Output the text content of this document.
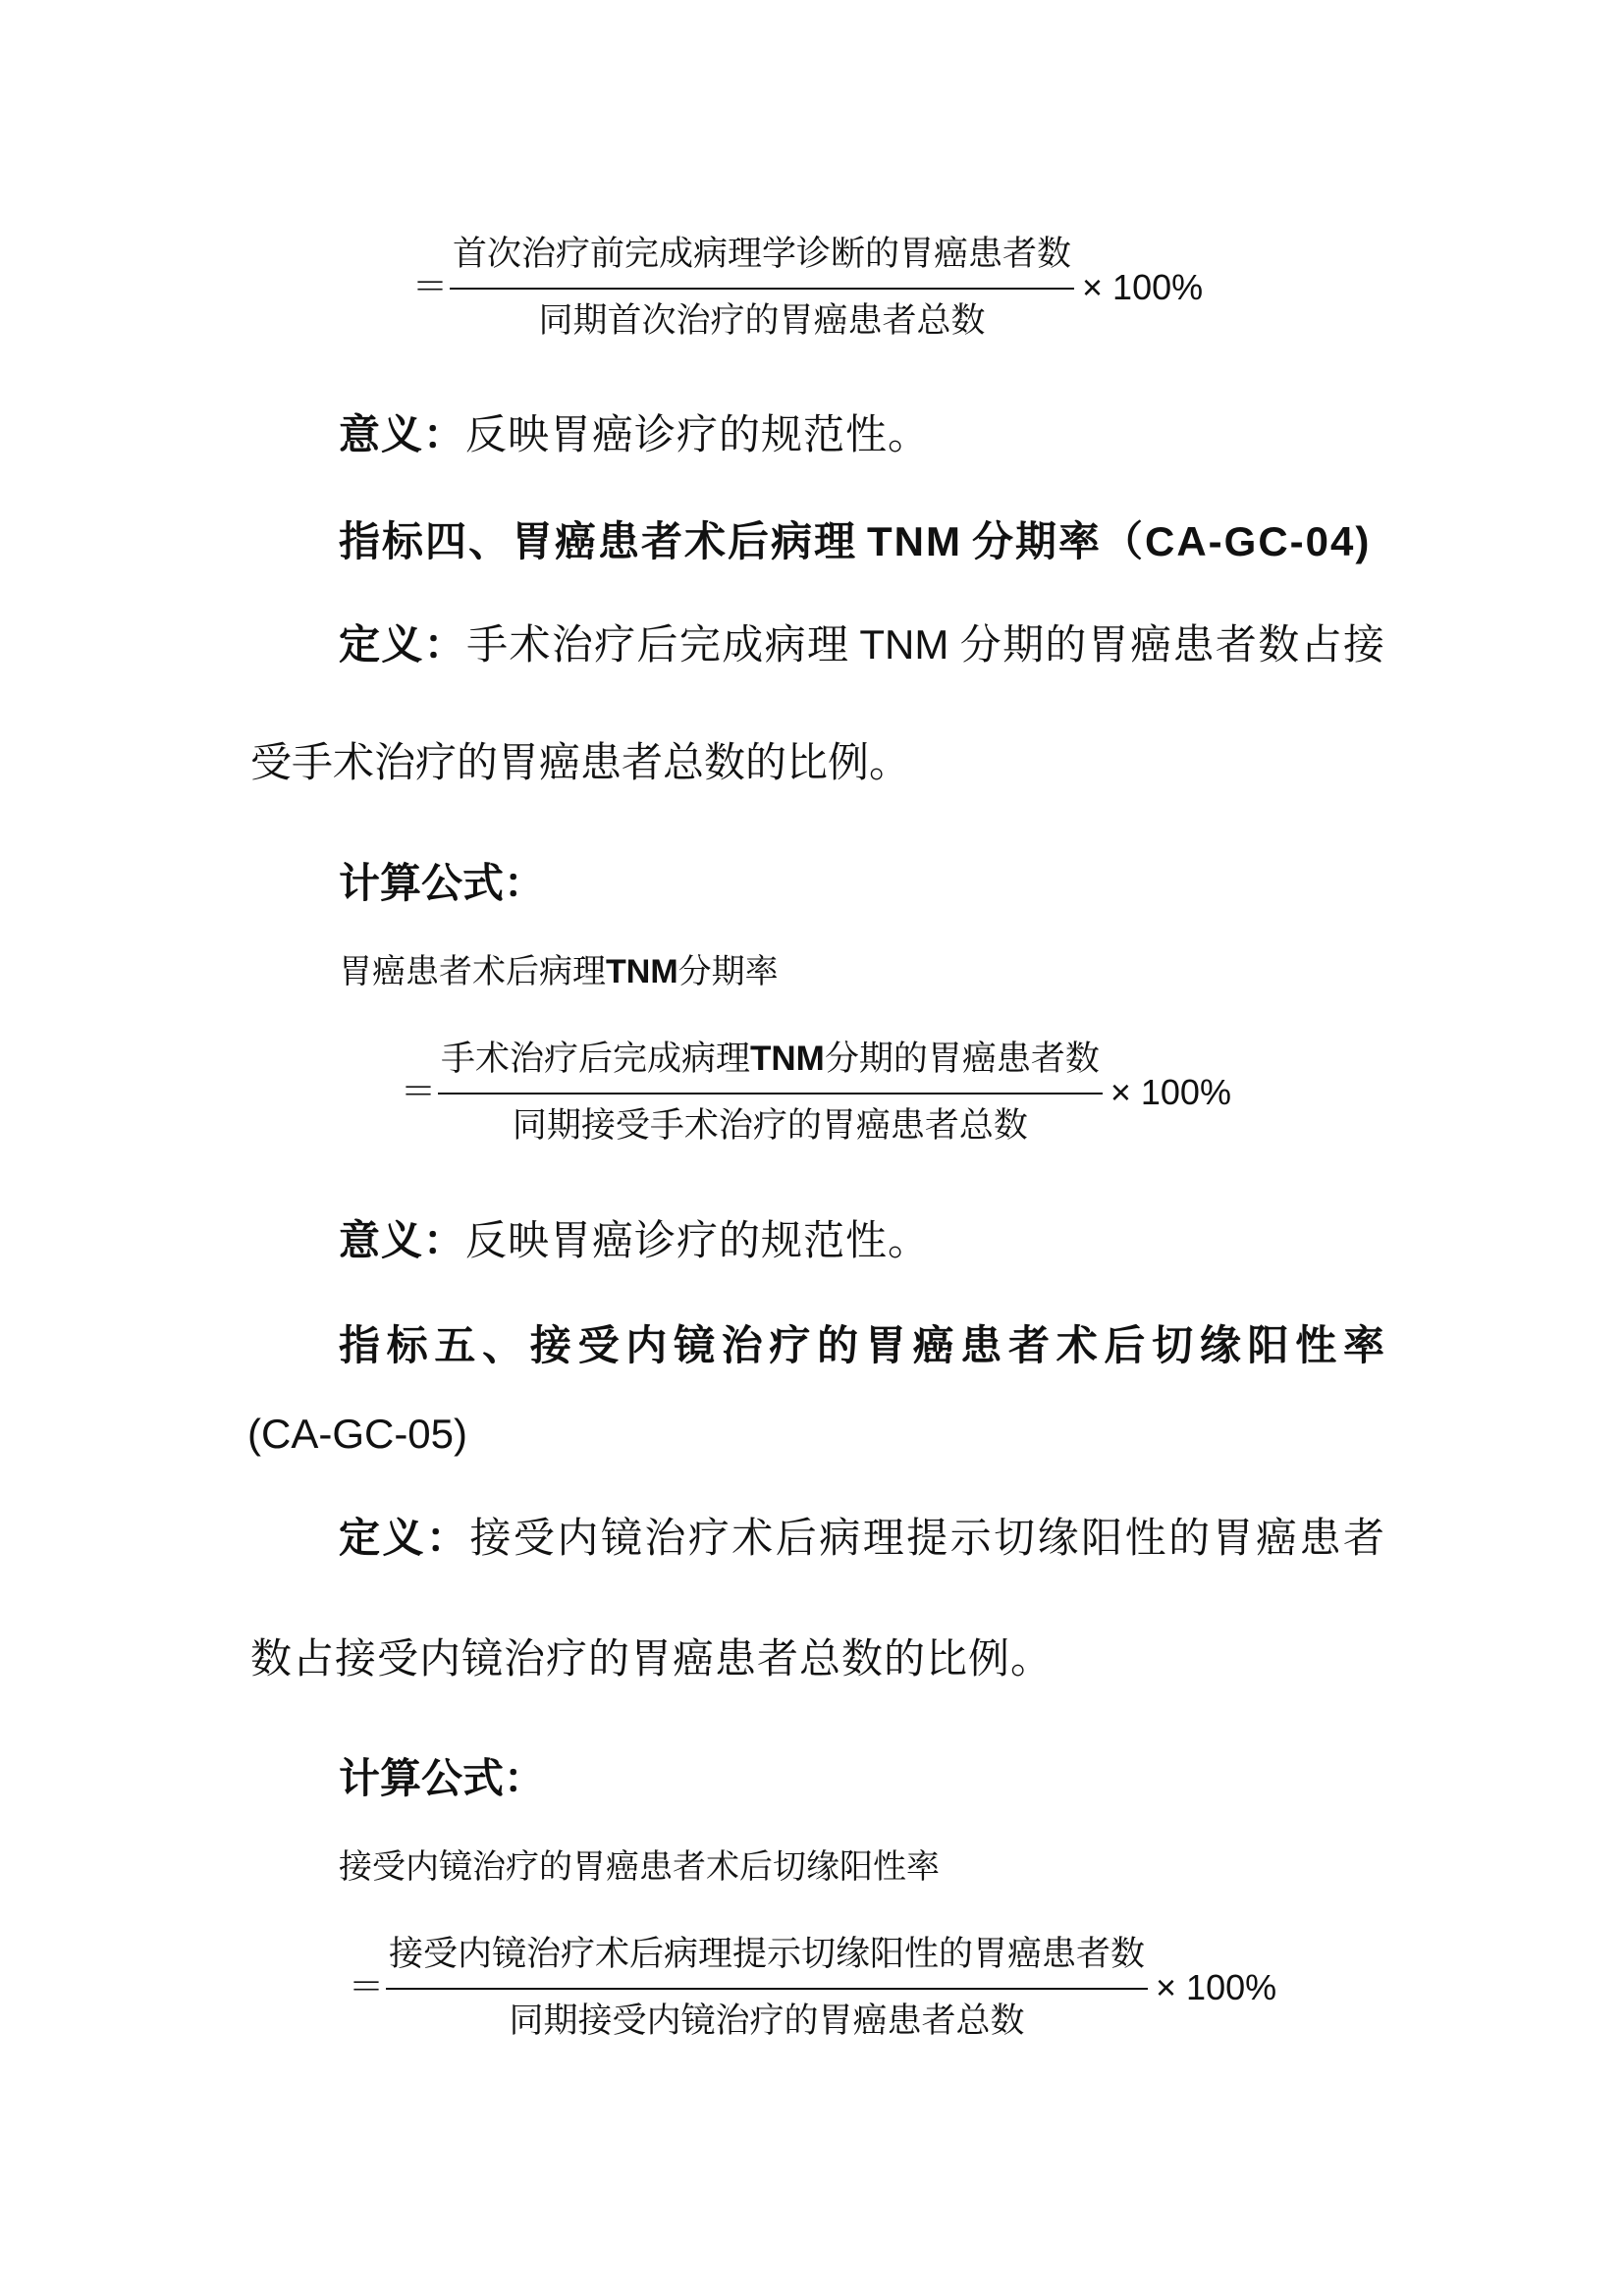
＝ $\frac{\text{首次治疗前完成病理学诊断的胃癌患者数}}{\text{同期首次治疗的胃癌患者总数}} \times 100\%$
意义：反映胃癌诊疗的规范性。
指标四、胃癌患者术后病理 TNM 分期率（CA-GC-04)
定义：手术治疗后完成病理 TNM 分期的胃癌患者数占接
受手术治疗的胃癌患者总数的比例。
计算公式：
胃癌患者术后病理TNM分期率
＝ $\frac{\text{手术治疗后完成病理TNM分期的胃癌患者数}}{\text{同期接受手术治疗的胃癌患者总数}} \times 100\%$
意义：反映胃癌诊疗的规范性。
指标五、接受内镜治疗的胃癌患者术后切缘阳性率
(CA-GC-05)
定义：接受内镜治疗术后病理提示切缘阳性的胃癌患者
数占接受内镜治疗的胃癌患者总数的比例。
计算公式：
接受内镜治疗的胃癌患者术后切缘阳性率
＝ $\frac{\text{接受内镜治疗术后病理提示切缘阳性的胃癌患者数}}{\text{同期接受内镜治疗的胃癌患者总数}} \times 100\%$
